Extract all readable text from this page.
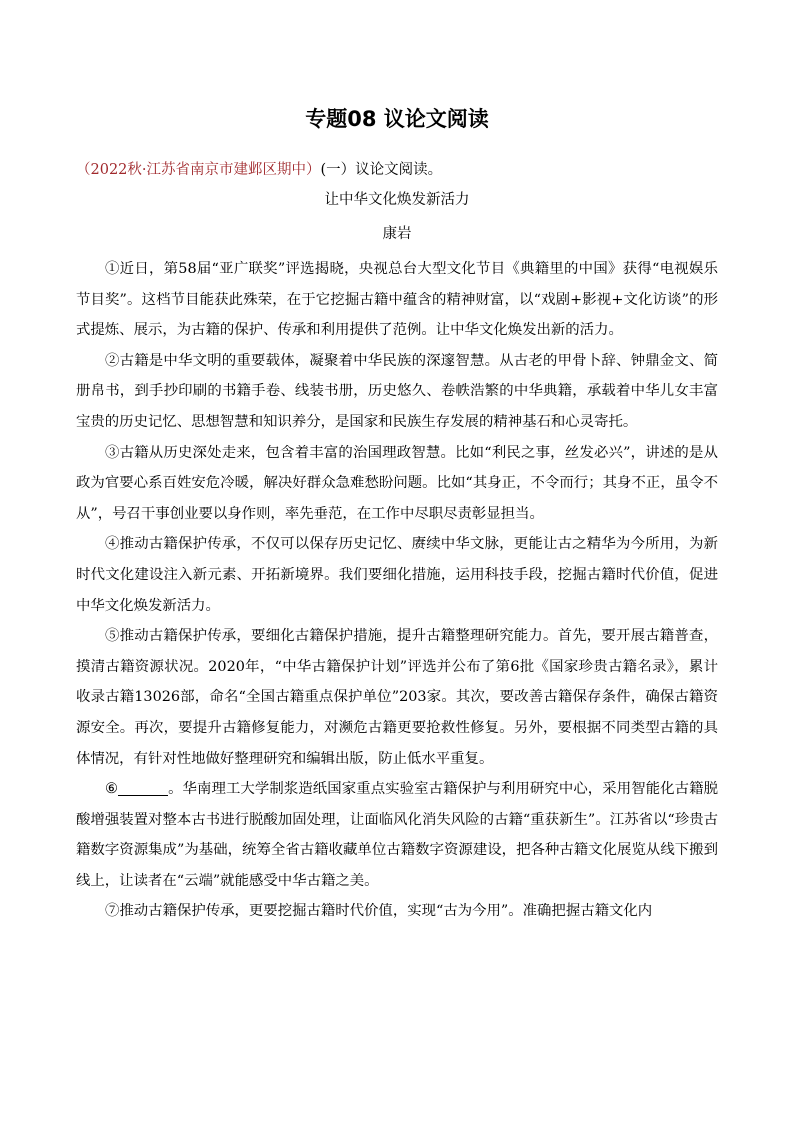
专题08 议论文阅读
（2022秋·江苏省南京市建邺区期中）(一）议论文阅读。
让中华文化焕发新活力
康岩

①近日，第58届“亚广联奖”评选揭晓，央视总台大型文化节目《典籍里的中国》获得“电视娱乐节目奖”。这档节目能获此殊荣，在于它挖掘古籍中蕴含的精神财富，以“戏剧+影视+文化访谈”的形式提炼、展示，为古籍的保护、传承和利用提供了范例。让中华文化焕发出新的活力。

②古籍是中华文明的重要载体，凝聚着中华民族的深邃智慧。从古老的甲骨卜辞、钟鼎金文、简册帛书，到手抄印刷的书籍手卷、线装书册，历史悠久、卷帙浩繁的中华典籍，承载着中华儿女丰富宝贵的历史记忆、思想智慧和知识养分，是国家和民族生存发展的精神基石和心灵寄托。

③古籍从历史深处走来，包含着丰富的治国理政智慧。比如“利民之事，丝发必兴”，讲述的是从政为官要心系百姓安危冷暖，解决好群众急难愁盼问题。比如“其身正，不令而行；其身不正，虽令不从”，号召干事创业要以身作则，率先垂范，在工作中尽职尽责彰显担当。

④推动古籍保护传承，不仅可以保存历史记忆、赓续中华文脉，更能让古之精华为今所用，为新时代文化建设注入新元素、开拓新境界。我们要细化措施，运用科技手段，挖掘古籍时代价值，促进中华文化焕发新活力。

⑤推动古籍保护传承，要细化古籍保护措施，提升古籍整理研究能力。首先，要开展古籍普查，摸清古籍资源状况。2020年，“中华古籍保护计划”评选并公布了第6批《国家珍贵古籍名录》，累计收录古籍13026部，命名“全国古籍重点保护单位”203家。其次，要改善古籍保存条件，确保古籍资源安全。再次，要提升古籍修复能力，对濒危古籍更要抢救性修复。另外，要根据不同类型古籍的具体情况，有针对性地做好整理研究和编辑出版，防止低水平重复。

⑥	。华南理工大学制浆造纸国家重点实验室古籍保护与利用研究中心，采用智能化古籍脱酸增强装置对整本古书进行脱酸加固处理，让面临风化消失风险的古籍“重获新生”。江苏省以“珍贵古籍数字资源集成”为基础，统筹全省古籍收藏单位古籍数字资源建设，把各种古籍文化展览从线下搬到线上，让读者在“云端”就能感受中华古籍之美。

⑦推动古籍保护传承，更要挖掘古籍时代价值，实现“古为今用”。准确把握古籍文化内
